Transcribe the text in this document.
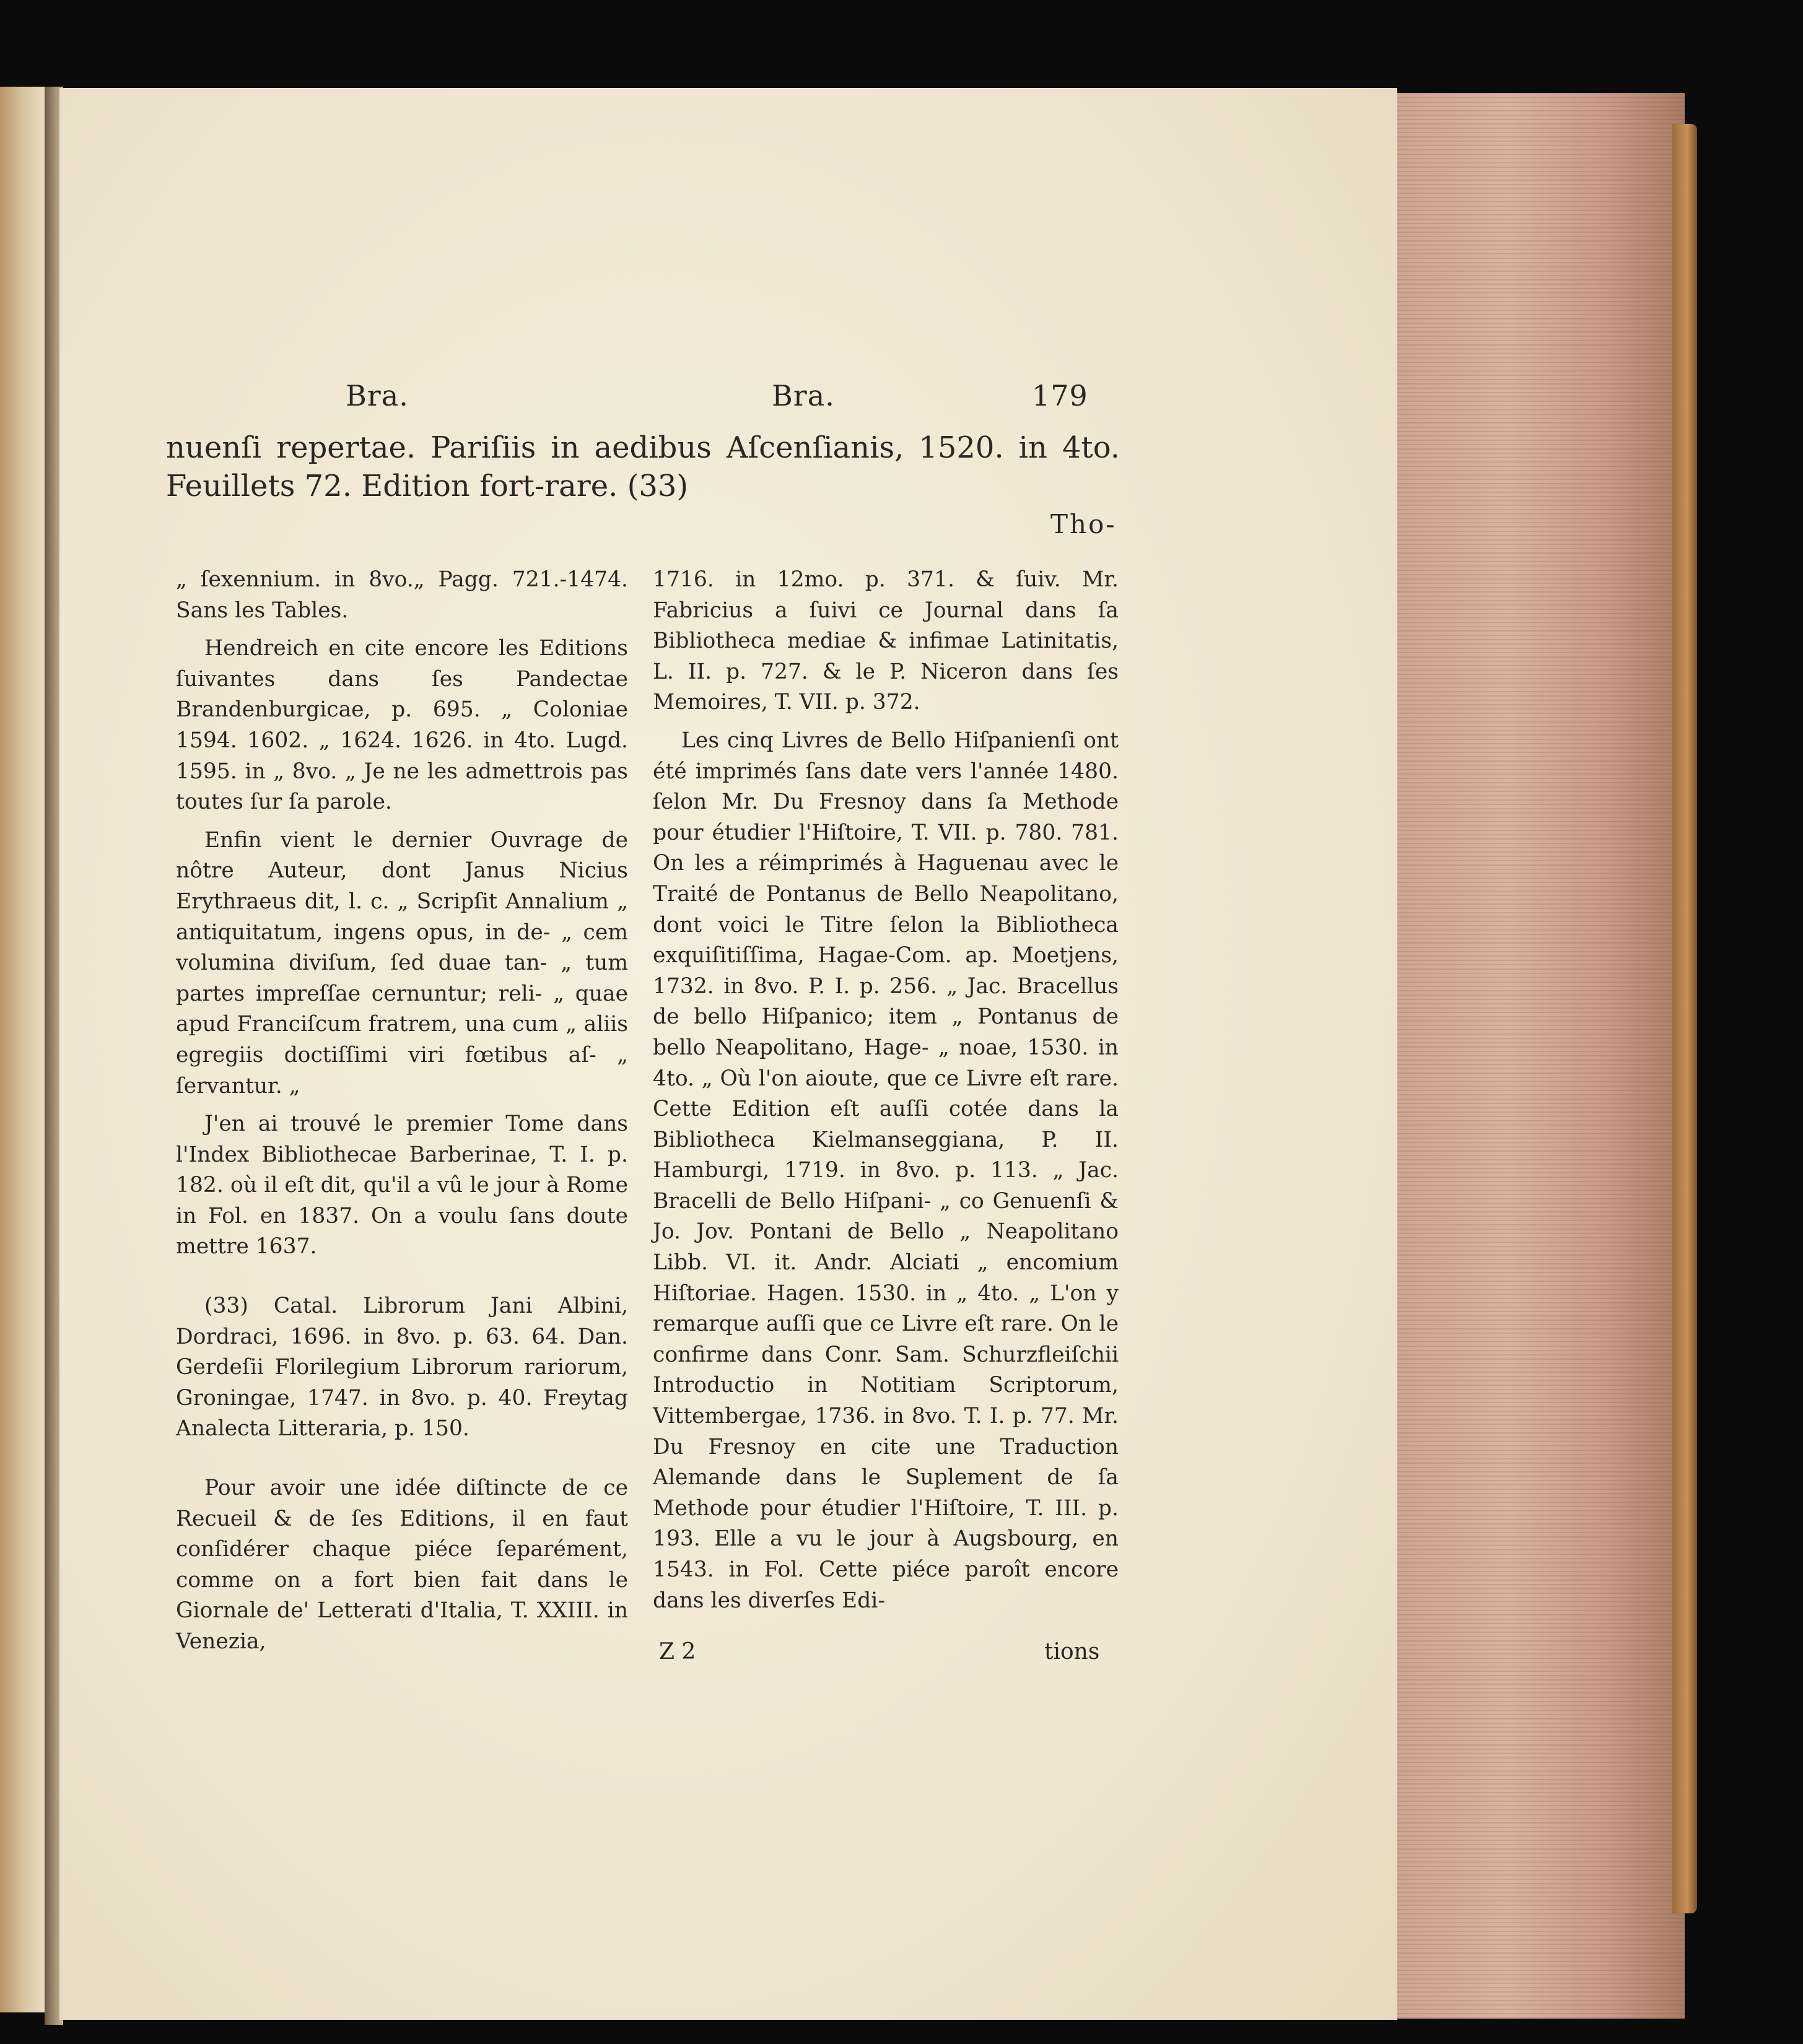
Bra.	Bra.	179
nuenſi repertae. Pariſiis in aedibus Aſcenſianis, 1520. in 4to.
Feuillets 72. Edition fort-rare. (33)
Tho-

„ ſexennium. in 8vo.„ Pagg. 721.-1474. Sans les Tables.

Hendreich en cite encore les Editions ſuivantes dans ſes Pandectae Brandenburgicae, p. 695. „ Coloniae 1594. 1602. „ 1624. 1626. in 4to. Lugd. 1595. in „ 8vo. „ Je ne les admettrois pas toutes ſur ſa parole.

Enfin vient le dernier Ouvrage de nôtre Auteur, dont Janus Nicius Erythraeus dit, l. c. „ Scripſit Annalium „ antiquitatum, ingens opus, in de- „ cem volumina diviſum, ſed duae tan- „ tum partes impreſſae cernuntur; reli- „ quae apud Franciſcum fratrem, una cum „ aliis egregiis doctiſſimi viri fœtibus aſ- „ ſervantur. „

J'en ai trouvé le premier Tome dans l'Index Bibliothecae Barberinae, T. I. p. 182. où il eſt dit, qu'il a vû le jour à Rome in Fol. en 1837. On a voulu ſans doute mettre 1637.

(33) Catal. Librorum Jani Albini, Dordraci, 1696. in 8vo. p. 63. 64. Dan. Gerdeſii Florilegium Librorum rariorum, Groningae, 1747. in 8vo. p. 40. Freytag Analecta Litteraria, p. 150.

Pour avoir une idée diſtincte de ce Recueil & de ſes Editions, il en faut conſidérer chaque piéce ſeparément, comme on a fort bien fait dans le Giornale de' Letterati d'Italia, T. XXIII. in Venezia,

1716. in 12mo. p. 371. & ſuiv. Mr. Fabricius a ſuivi ce Journal dans ſa Bibliotheca mediae & infimae Latinitatis, L. II. p. 727. & le P. Niceron dans ſes Memoires, T. VII. p. 372.

Les cinq Livres de Bello Hiſpanienſi ont été imprimés ſans date vers l'année 1480. ſelon Mr. Du Fresnoy dans ſa Methode pour étudier l'Hiſtoire, T. VII. p. 780. 781. On les a réimprimés à Haguenau avec le Traité de Pontanus de Bello Neapolitano, dont voici le Titre ſelon la Bibliotheca exquiſitiſſima, Hagae-Com. ap. Moetjens, 1732. in 8vo. P. I. p. 256. „ Jac. Bracellus de bello Hiſpanico; item „ Pontanus de bello Neapolitano, Hage- „ noae, 1530. in 4to. „ Où l'on aioute, que ce Livre eſt rare. Cette Edition eſt auſſi cotée dans la Bibliotheca Kielmanseggiana, P. II. Hamburgi, 1719. in 8vo. p. 113. „ Jac. Bracelli de Bello Hiſpani- „ co Genuenſi & Jo. Jov. Pontani de Bello „ Neapolitano Libb. VI. it. Andr. Alciati „ encomium Hiſtoriae. Hagen. 1530. in „ 4to. „ L'on y remarque auſſi que ce Livre eſt rare. On le confirme dans Conr. Sam. Schurzfleiſchii Introductio in Notitiam Scriptorum, Vittembergae, 1736. in 8vo. T. I. p. 77. Mr. Du Fresnoy en cite une Traduction Alemande dans le Suplement de ſa Methode pour étudier l'Hiſtoire, T. III. p. 193. Elle a vu le jour à Augsbourg, en 1543. in Fol. Cette piéce paroît encore dans les diverſes Edi-

Z 2	tions
